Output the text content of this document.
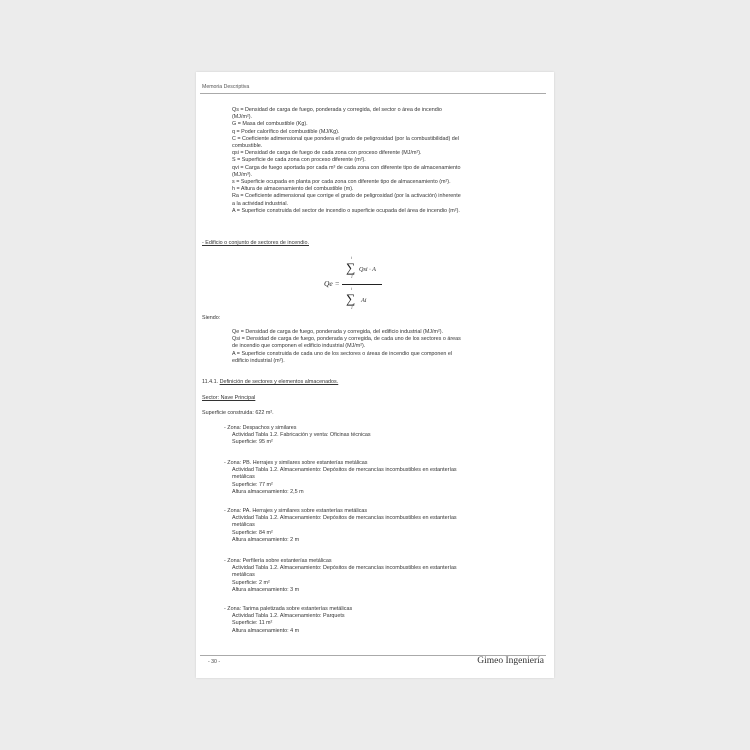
Memoria Descriptiva
Qs = Densidad de carga de fuego, ponderada y corregida, del sector o área de incendio
(MJ/m²).
G = Masa del combustible (Kg).
q = Poder calorífico del combustible (MJ/Kg).
C = Coeficiente adimensional que pondera el grado de peligrosidad (por la combustibilidad) del
combustible.
qsi = Densidad de carga de fuego de cada zona con proceso diferente (MJ/m²).
S = Superficie de cada zona con proceso diferente (m²).
qvi = Carga de fuego aportada por cada m³ de cada zona con diferente tipo de almacenamiento
(MJ/m³).
s = Superficie ocupada en planta por cada zona con diferente tipo de almacenamiento (m²).
h = Altura de almacenamiento del combustible (m).
Ra = Coeficiente adimensional que corrige el grado de peligrosidad (por la activación) inherente
a la actividad industrial.
A = Superficie construida del sector de incendio o superficie ocupada del área de incendio (m²).
- Edificio o conjunto de sectores de incendio.
Qe =
i
∑
1
Qsi · A
i
∑
1
Ai
Siendo:
Qe = Densidad de carga de fuego, ponderada y corregida, del edificio industrial (MJ/m²).
Qsi = Densidad de carga de fuego, ponderada y corregida, de cada uno de los sectores o áreas
de incendio que componen el edificio industrial (MJ/m²).
A = Superficie construida de cada uno de los sectores o áreas de incendio que componen el
edificio industrial (m²).
11.4.1. Definición de sectores y elementos almacenados.
Sector: Nave Principal
Superficie construida: 622 m².
- Zona: Despachos y similares
Actividad Tabla 1.2. Fabricación y venta: Oficinas técnicas
Superficie: 95 m²
- Zona: PB. Herrajes y similares sobre estanterías metálicas
Actividad Tabla 1.2. Almacenamiento: Depósitos de mercancías incombustibles en estanterías
metálicas
Superficie: 77 m²
Altura almacenamiento: 2,5 m
- Zona: PA. Herrajes y similares sobre estanterías metálicas
Actividad Tabla 1.2. Almacenamiento: Depósitos de mercancías incombustibles en estanterías
metálicas
Superficie: 84 m²
Altura almacenamiento: 2 m
- Zona: Perfilería sobre estanterías metálicas
Actividad Tabla 1.2. Almacenamiento: Depósitos de mercancías incombustibles en estanterías
metálicas
Superficie: 2 m²
Altura almacenamiento: 3 m
- Zona: Tarima paletizada sobre estanterías metálicas
Actividad Tabla 1.2. Almacenamiento: Parquets
Superficie: 11 m²
Altura almacenamiento: 4 m
- 30 -	Gimeo Ingeniería
